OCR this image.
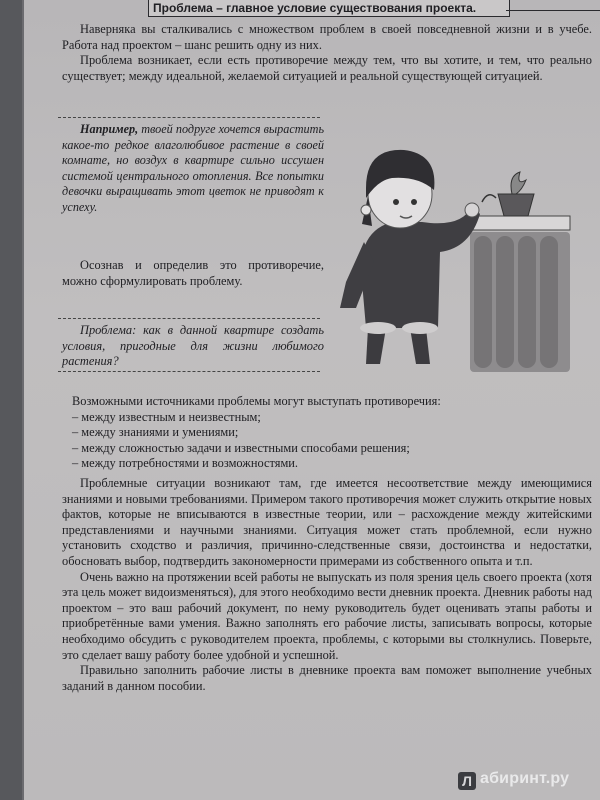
Проблема – главное условие существования проекта.

Наверняка вы сталкивались с множеством проблем в своей повседневной жизни и в учебе. Работа над проектом – шанс решить одну из них.

Проблема возникает, если есть противоречие между тем, что вы хотите, и тем, что реально существует; между идеальной, желаемой ситуацией и реальной существующей ситуацией.

Например, твоей подруге хочется вырастить какое-то редкое влаголюбивое растение в своей комнате, но воздух в квартире сильно иссушен системой центрального отопления. Все попытки девочки выращивать этот цветок не приводят к успеху.

Осознав и определив это противоречие, можно сформулировать проблему.

Проблема: как в данной квартире создать условия, пригодные для жизни любимого растения?

Возможными источниками проблемы могут выступать противоречия:
– между известным и неизвестным;
– между знаниями и умениями;
– между сложностью задачи и известными способами решения;
– между потребностями и возможностями.

Проблемные ситуации возникают там, где имеется несоответствие между имеющимися знаниями и новыми требованиями. Примером такого противоречия может служить открытие новых фактов, которые не вписываются в известные теории, или – расхождение между житейскими представлениями и научными знаниями. Ситуация может стать проблемной, если нужно установить сходство и различия, причинно-следственные связи, достоинства и недостатки, обосновать выбор, подтвердить закономерности примерами из собственного опыта и т.п.

Очень важно на протяжении всей работы не выпускать из поля зрения цель своего проекта (хотя эта цель может видоизменяться), для этого необходимо вести дневник проекта. Дневник работы над проектом – это ваш рабочий документ, по нему руководитель будет оценивать этапы работы и приобретённые вами умения. Важно заполнять его рабочие листы, записывать вопросы, которые необходимо обсудить с руководителем проекта, проблемы, с которыми вы столкнулись. Поверьте, это сделает вашу работу более удобной и успешной.

Правильно заполнить рабочие листы в дневнике проекта вам поможет выполнение учебных заданий в данном пособии.

Л абиринт.ру
